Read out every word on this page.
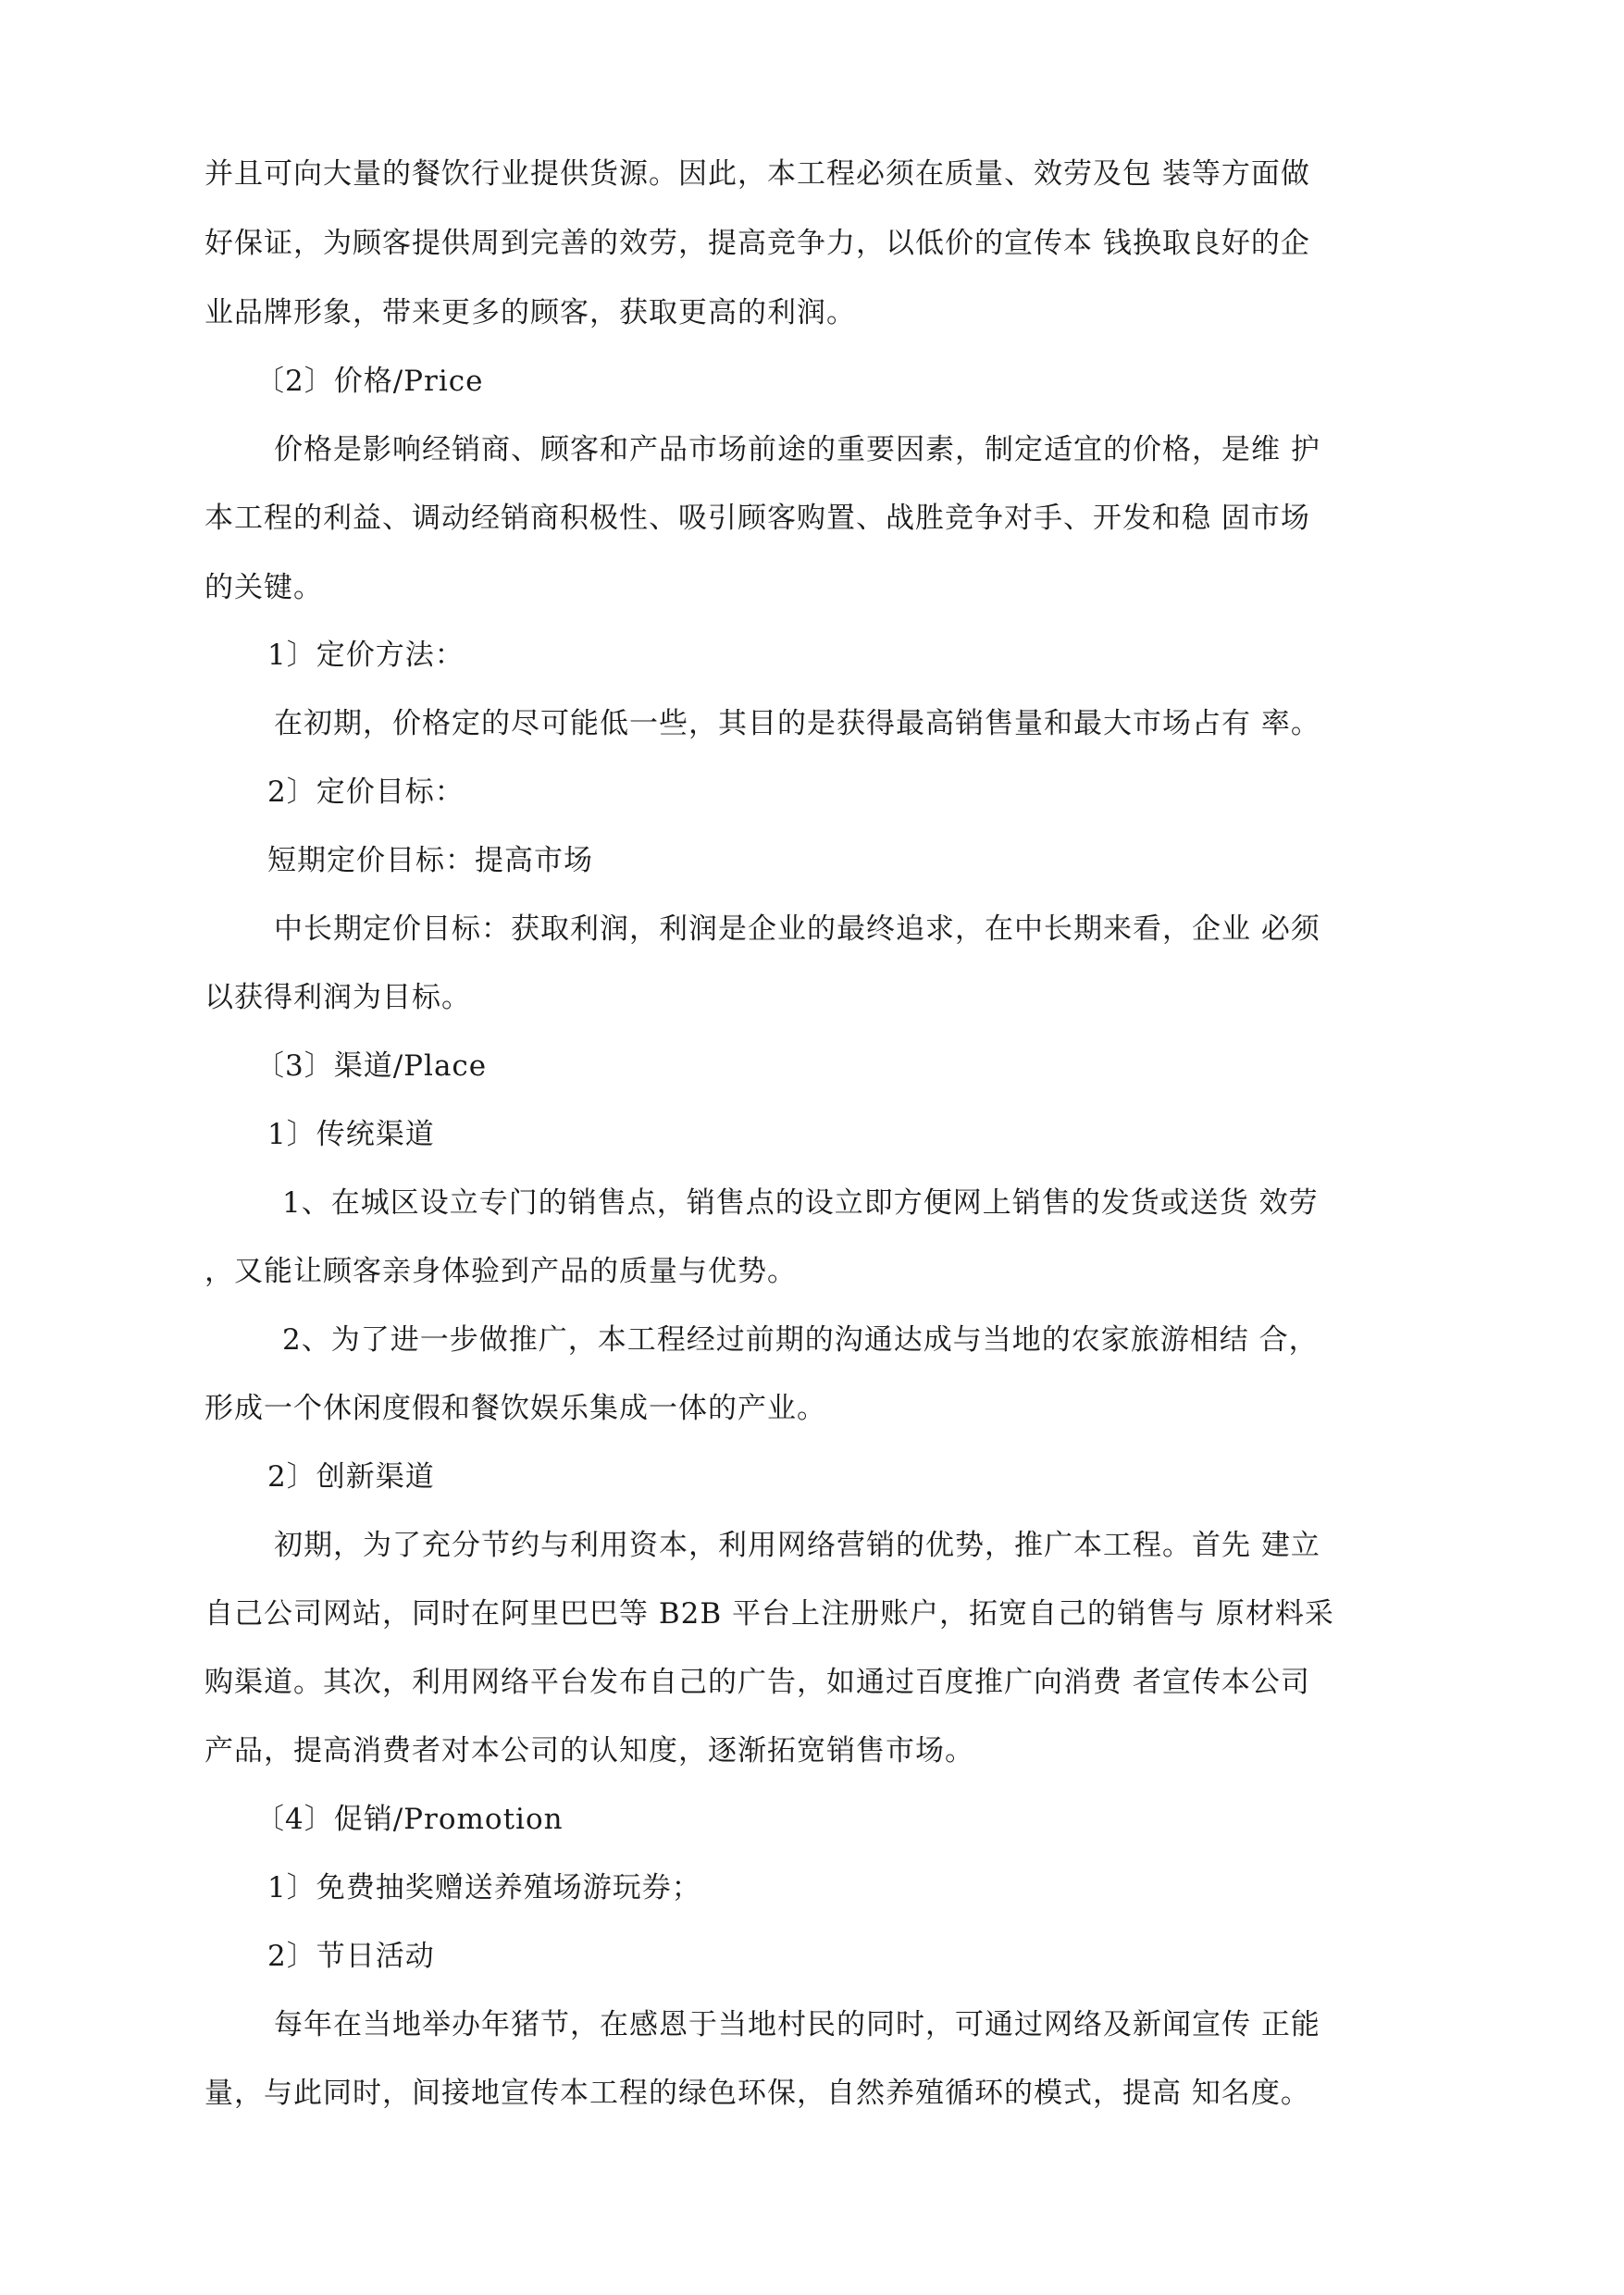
并且可向大量的餐饮行业提供货源。因此，本工程必须在质量、效劳及包 装等方面做
好保证，为顾客提供周到完善的效劳，提高竞争力，以低价的宣传本 钱换取良好的企
业品牌形象，带来更多的顾客，获取更高的利润。
〔2〕价格/Price
价格是影响经销商、顾客和产品市场前途的重要因素，制定适宜的价格，是维 护
本工程的利益、调动经销商积极性、吸引顾客购置、战胜竞争对手、开发和稳 固市场
的关键。
1〕定价方法：
在初期，价格定的尽可能低一些，其目的是获得最高销售量和最大市场占有 率。
2〕定价目标：
短期定价目标：提高市场
中长期定价目标：获取利润，利润是企业的最终追求，在中长期来看，企业 必须
以获得利润为目标。
〔3〕渠道/Place
1〕传统渠道
1、在城区设立专门的销售点，销售点的设立即方便网上销售的发货或送货 效劳
，又能让顾客亲身体验到产品的质量与优势。
2、为了进一步做推广，本工程经过前期的沟通达成与当地的农家旅游相结 合，
形成一个休闲度假和餐饮娱乐集成一体的产业。
2〕创新渠道
初期，为了充分节约与利用资本，利用网络营销的优势，推广本工程。首先 建立
自己公司网站，同时在阿里巴巴等 B2B 平台上注册账户，拓宽自己的销售与 原材料采
购渠道。其次，利用网络平台发布自己的广告，如通过百度推广向消费 者宣传本公司
产品，提高消费者对本公司的认知度，逐渐拓宽销售市场。
〔4〕促销/Promotion
1〕免费抽奖赠送养殖场游玩券；
2〕节日活动
每年在当地举办年猪节，在感恩于当地村民的同时，可通过网络及新闻宣传 正能
量，与此同时，间接地宣传本工程的绿色环保，自然养殖循环的模式，提高 知名度。
